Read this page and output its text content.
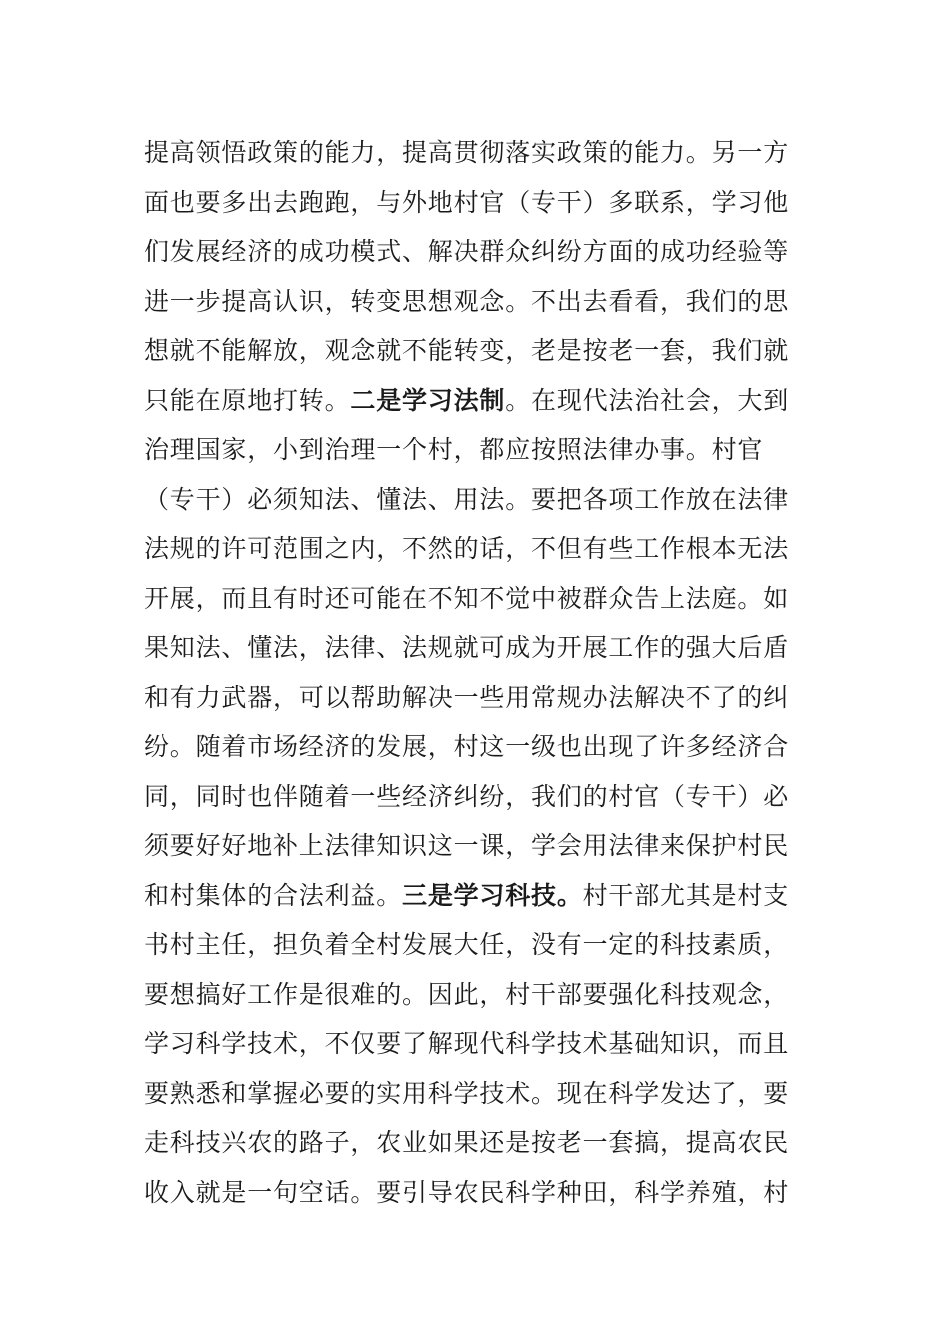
提高领悟政策的能力，提高贯彻落实政策的能力。另一方
面也要多出去跑跑，与外地村官（专干）多联系，学习他
们发展经济的成功模式、解决群众纠纷方面的成功经验等
进一步提高认识，转变思想观念。不出去看看，我们的思
想就不能解放，观念就不能转变，老是按老一套，我们就
只能在原地打转。二是学习法制。在现代法治社会，大到
治理国家，小到治理一个村，都应按照法律办事。村官
（专干）必须知法、懂法、用法。要把各项工作放在法律
法规的许可范围之内，不然的话，不但有些工作根本无法
开展，而且有时还可能在不知不觉中被群众告上法庭。如
果知法、懂法，法律、法规就可成为开展工作的强大后盾
和有力武器，可以帮助解决一些用常规办法解决不了的纠
纷。随着市场经济的发展，村这一级也出现了许多经济合
同，同时也伴随着一些经济纠纷，我们的村官（专干）必
须要好好地补上法律知识这一课，学会用法律来保护村民
和村集体的合法利益。三是学习科技。村干部尤其是村支
书村主任，担负着全村发展大任，没有一定的科技素质，
要想搞好工作是很难的。因此，村干部要强化科技观念，
学习科学技术，不仅要了解现代科学技术基础知识，而且
要熟悉和掌握必要的实用科学技术。现在科学发达了，要
走科技兴农的路子，农业如果还是按老一套搞，提高农民
收入就是一句空话。要引导农民科学种田，科学养殖，村
